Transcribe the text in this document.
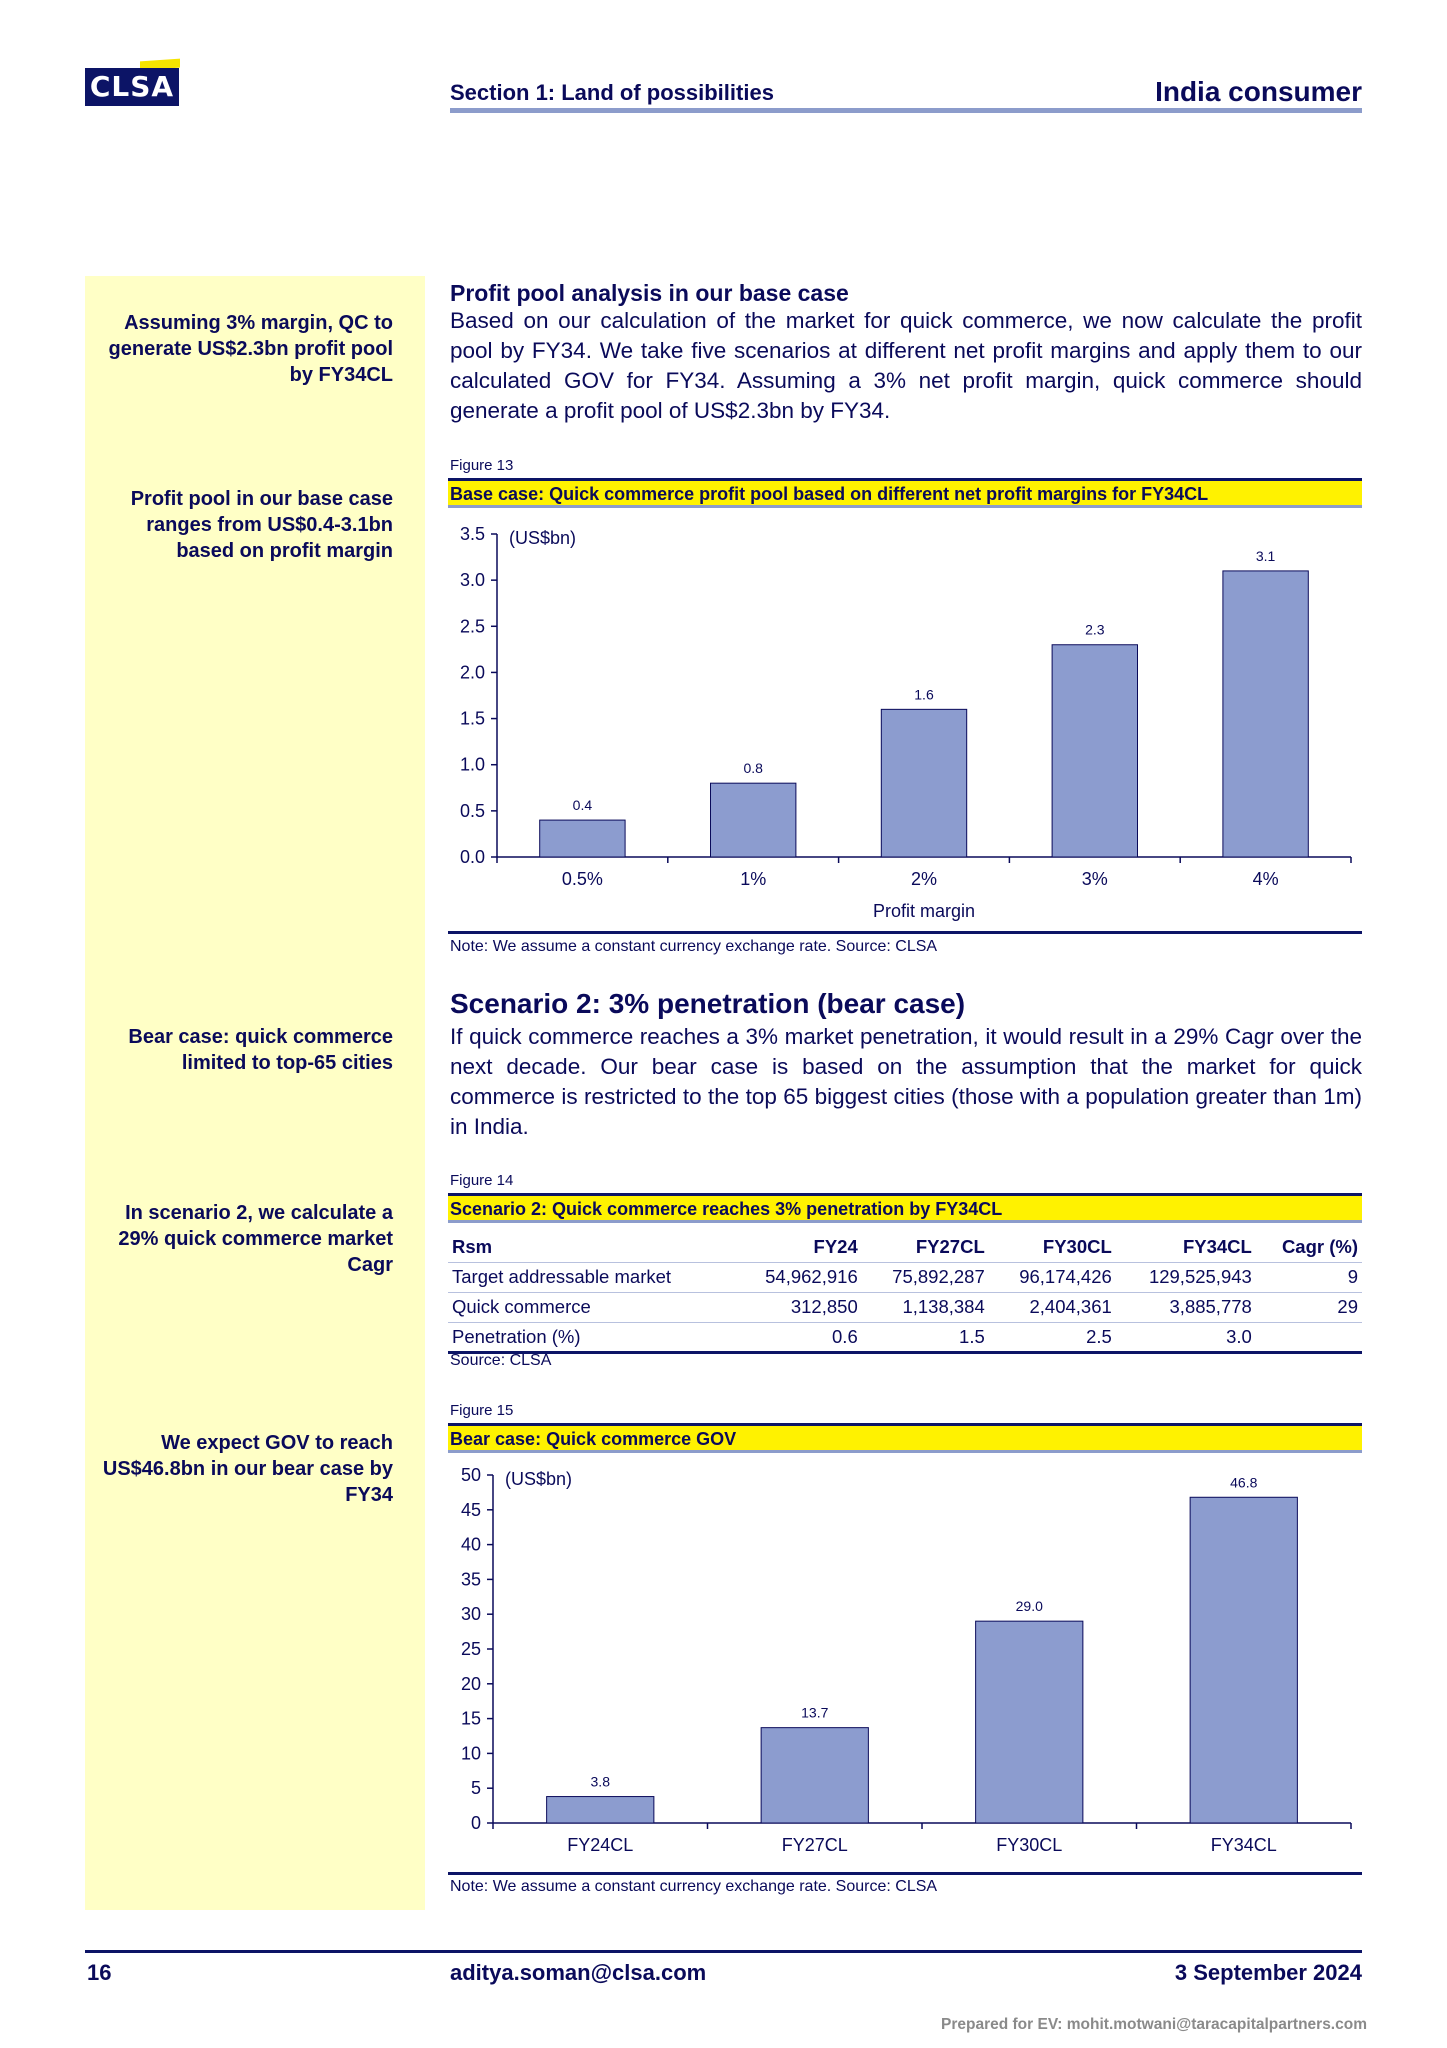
CLSA	Section 1: Land of possibilities	India consumer
Assuming 3% margin, QC to generate US$2.3bn profit pool by FY34CL
Profit pool in our base case ranges from US$0.4-3.1bn based on profit margin
Bear case: quick commerce limited to top-65 cities
In scenario 2, we calculate a 29% quick commerce market Cagr
We expect GOV to reach US$46.8bn in our bear case by FY34
Profit pool analysis in our base case
Based on our calculation of the market for quick commerce, we now calculate the profit pool by FY34. We take five scenarios at different net profit margins and apply them to our calculated GOV for FY34. Assuming a 3% net profit margin, quick commerce should generate a profit pool of US$2.3bn by FY34.
Figure 13
Base case: Quick commerce profit pool based on different net profit margins for FY34CL
0.0
0.5
1.0
1.5
2.0
2.5
3.0
3.5 (US$bn)
0.4
0.5%
0.8
1%
1.6
2%
2.3
3%
3.1
4%
Profit margin
Note: We assume a constant currency exchange rate. Source: CLSA
Scenario 2: 3% penetration (bear case)
If quick commerce reaches a 3% market penetration, it would result in a 29% Cagr over the next decade. Our bear case is based on the assumption that the market for quick commerce is restricted to the top 65 biggest cities (those with a population greater than 1m) in India.
Figure 14
Scenario 2: Quick commerce reaches 3% penetration by FY34CL
Rsm	FY24	FY27CL	FY30CL	FY34CL	Cagr (%)
Target addressable market	54,962,916	75,892,287	96,174,426	129,525,943	9
Quick commerce	312,850	1,138,384	2,404,361	3,885,778	29
Penetration (%)	0.6	1.5	2.5	3.0	
Source: CLSA
Figure 15
Bear case: Quick commerce GOV
0
5
10
15
20
25
30
35
40
45
50 (US$bn)
3.8
FY24CL
13.7
FY27CL
29.0
FY30CL
46.8
FY34CL
Note: We assume a constant currency exchange rate. Source: CLSA
16	aditya.soman@clsa.com	3 September 2024
Prepared for EV: mohit.motwani@taracapitalpartners.com
